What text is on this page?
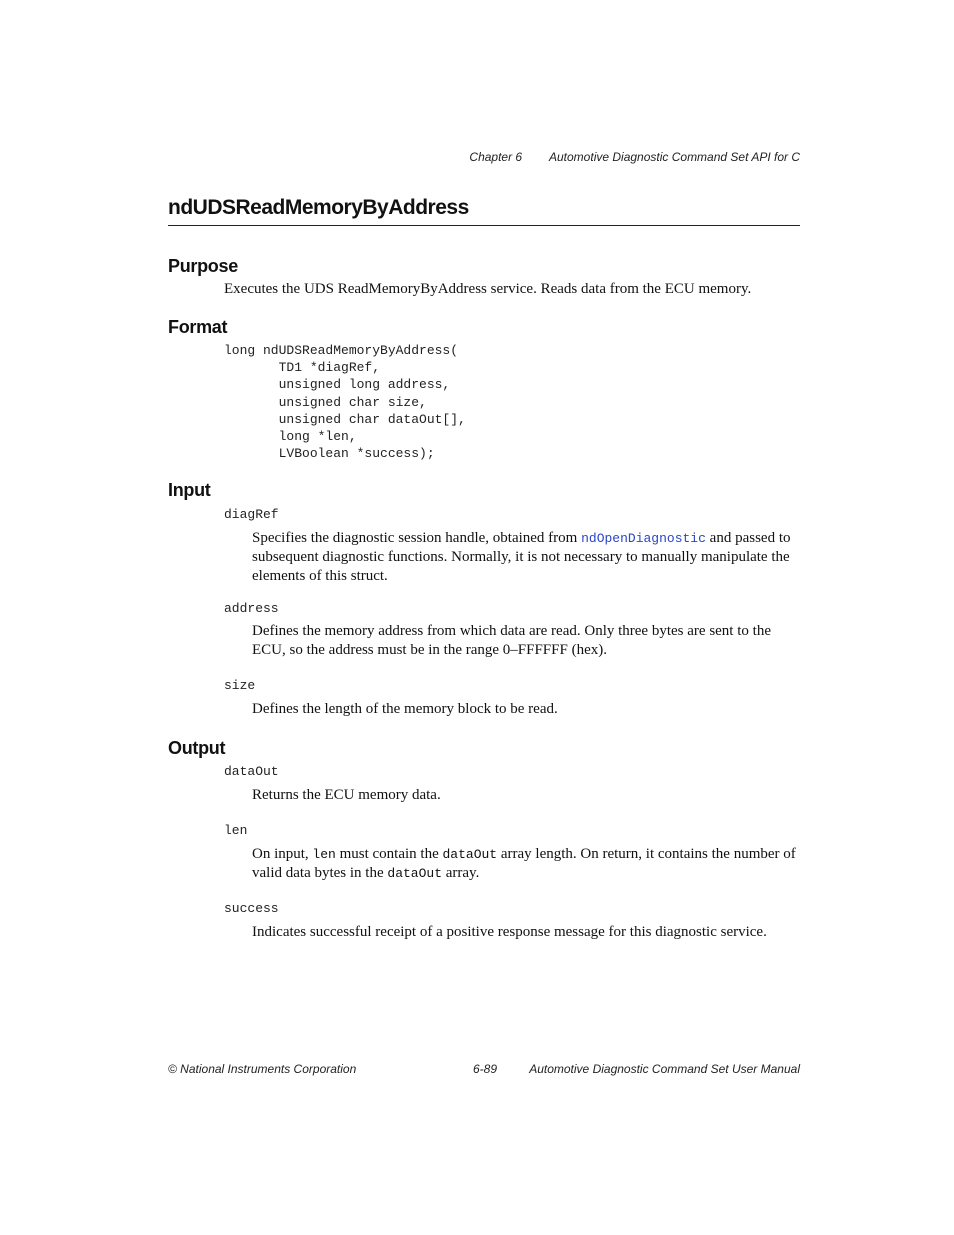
Chapter 6 Automotive Diagnostic Command Set API for C
ndUDSReadMemoryByAddress
Purpose
Executes the UDS ReadMemoryByAddress service. Reads data from the ECU memory.
Format
long ndUDSReadMemoryByAddress(
TD1 *diagRef,
unsigned long address,
unsigned char size,
unsigned char dataOut[],
long *len,
LVBoolean *success);
Input
diagRef
Specifies the diagnostic session handle, obtained from ndOpenDiagnostic and passed to subsequent diagnostic functions. Normally, it is not necessary to manually manipulate the elements of this struct.
address
Defines the memory address from which data are read. Only three bytes are sent to the ECU, so the address must be in the range 0–FFFFFF (hex).
size
Defines the length of the memory block to be read.
Output
dataOut
Returns the ECU memory data.
len
On input, len must contain the dataOut array length. On return, it contains the number of valid data bytes in the dataOut array.
success
Indicates successful receipt of a positive response message for this diagnostic service.
© National Instruments Corporation	6-89	Automotive Diagnostic Command Set User Manual
